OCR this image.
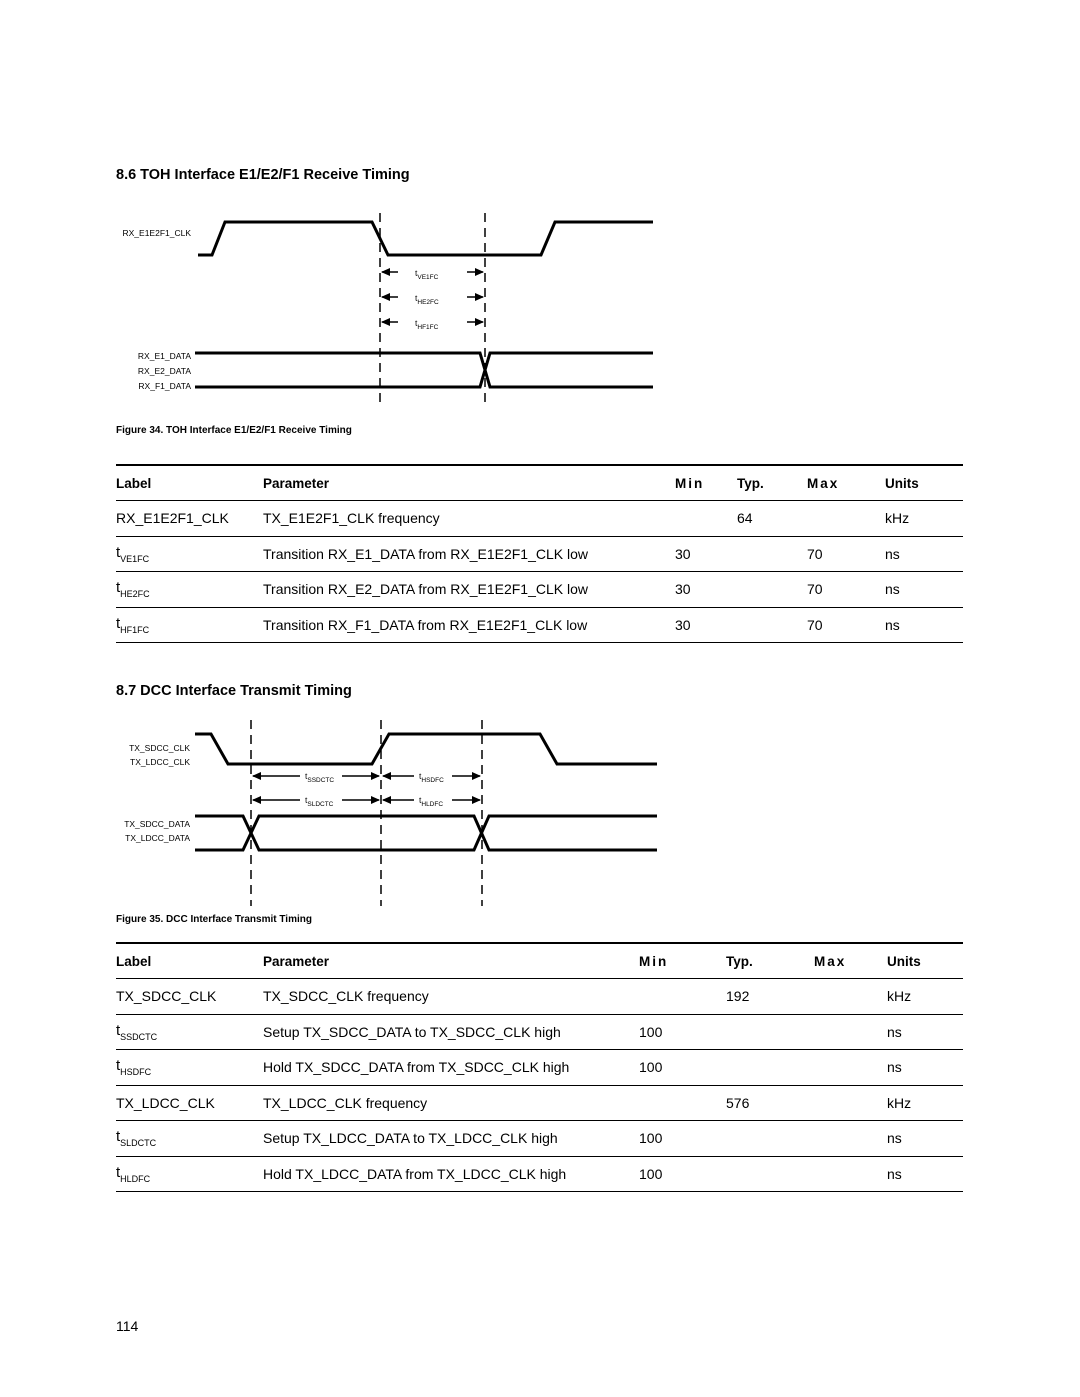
8.6 TOH Interface E1/E2/F1 Receive Timing
RX_E1E2F1_CLK
tVE1FC
tHE2FC
tHF1FC
RX_E1_DATA
RX_E2_DATA
RX_F1_DATA
Figure 34. TOH Interface E1/E2/F1 Receive Timing
Label	Parameter	Min	Typ.	Max	Units
RX_E1E2F1_CLK	TX_E1E2F1_CLK frequency		64		kHz
$t_{VE1FC}$	Transition RX_E1_DATA from RX_E1E2F1_CLK low	30		70	ns
$t_{HE2FC}$	Transition RX_E2_DATA from RX_E1E2F1_CLK low	30		70	ns
$t_{HF1FC}$	Transition RX_F1_DATA from RX_E1E2F1_CLK low	30		70	ns
8.7 DCC Interface Transmit Timing
TX_SDCC_CLK
TX_LDCC_CLK
tSSDCTC	tHSDFC
tSLDCTC	tHLDFC
TX_SDCC_DATA
TX_LDCC_DATA
Figure 35. DCC Interface Transmit Timing
Label	Parameter	Min	Typ.	Max	Units
TX_SDCC_CLK	TX_SDCC_CLK frequency		192		kHz
$t_{SSDCTC}$	Setup TX_SDCC_DATA to TX_SDCC_CLK high	100			ns
$t_{HSDFC}$	Hold TX_SDCC_DATA from TX_SDCC_CLK high	100			ns
TX_LDCC_CLK	TX_LDCC_CLK frequency		576		kHz
$t_{SLDCTC}$	Setup TX_LDCC_DATA to TX_LDCC_CLK high	100			ns
$t_{HLDFC}$	Hold TX_LDCC_DATA from TX_LDCC_CLK high	100			ns
114
